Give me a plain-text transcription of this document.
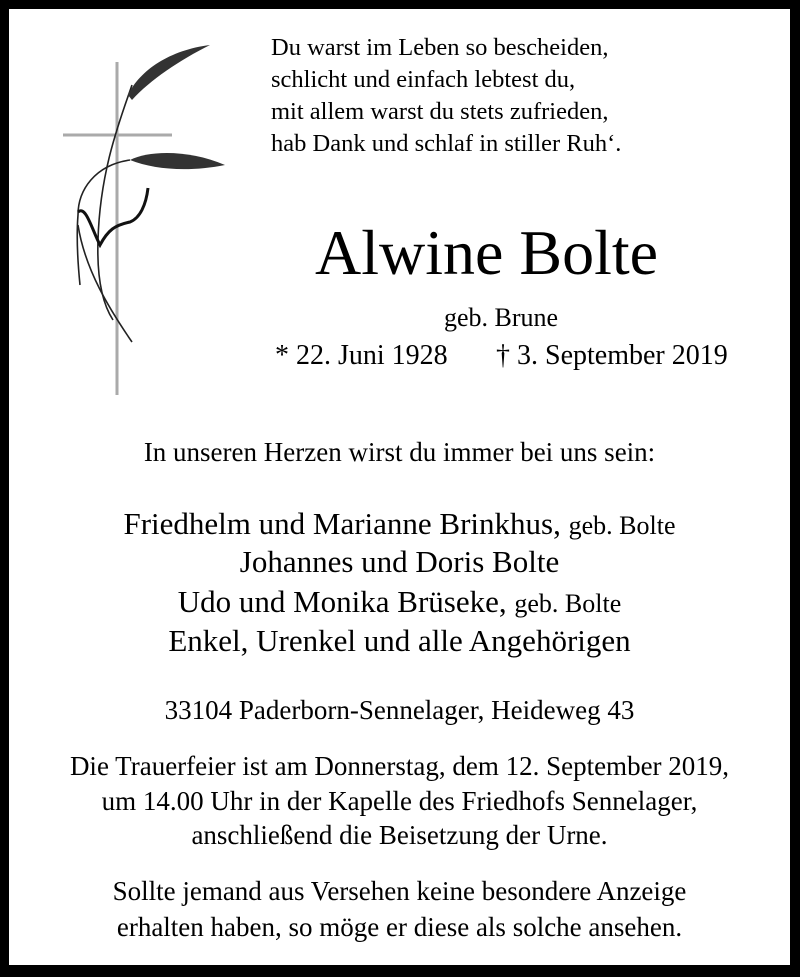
Du warst im Leben so bescheiden,
schlicht und einfach lebtest du,
mit allem warst du stets zufrieden,
hab Dank und schlaf in stiller Ruh‘.
Alwine Bolte
geb. Brune
* 22. Juni 1928 † 3. September 2019
In unseren Herzen wirst du immer bei uns sein:
Friedhelm und Marianne Brinkhus, geb. Bolte
Johannes und Doris Bolte
Udo und Monika Brüseke, geb. Bolte
Enkel, Urenkel und alle Angehörigen
33104 Paderborn-Sennelager, Heideweg 43
Die Trauerfeier ist am Donnerstag, dem 12. September 2019,
um 14.00 Uhr in der Kapelle des Friedhofs Sennelager,
anschließend die Beisetzung der Urne.
Sollte jemand aus Versehen keine besondere Anzeige
erhalten haben, so möge er diese als solche ansehen.
